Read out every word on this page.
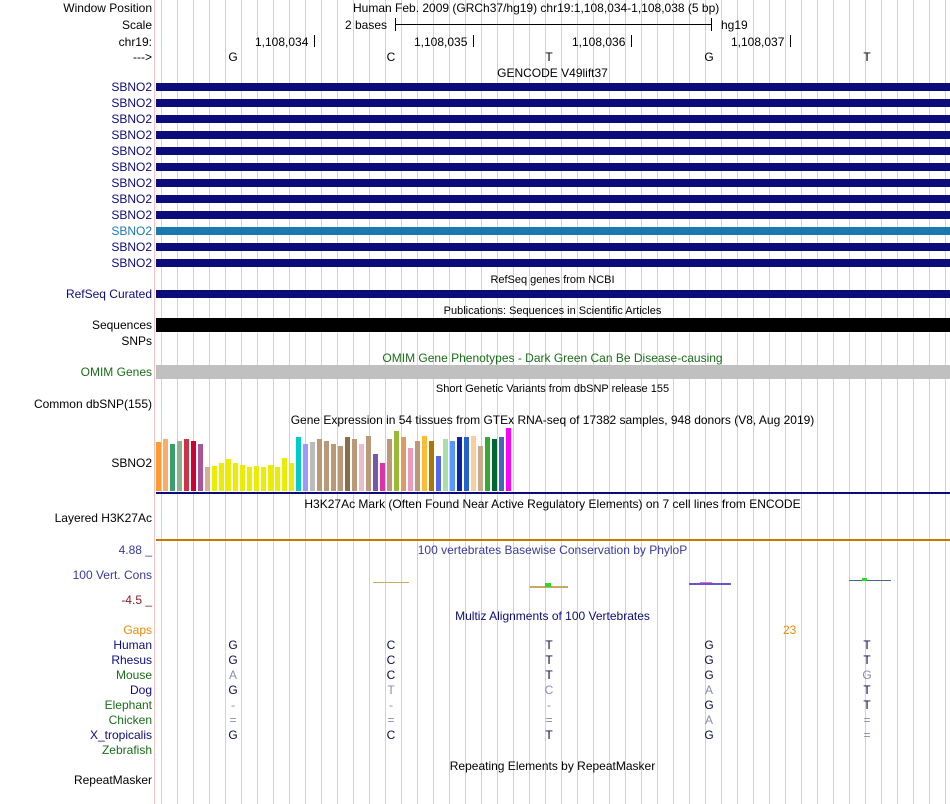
Window Position	Human Feb. 2009 (GRCh37/hg19) chr19:1,108,034-1,108,038 (5 bp)
Scale	2 bases	hg19
chr19:	1,108,034	1,108,035	1,108,036	1,108,037
--->	G	C	T	G	T
GENCODE V49lift37
SBNO2
SBNO2
SBNO2
SBNO2
SBNO2
SBNO2
SBNO2
SBNO2
SBNO2
SBNO2
SBNO2
SBNO2
RefSeq genes from NCBI
RefSeq Curated
Publications: Sequences in Scientific Articles
Sequences
SNPs
OMIM Gene Phenotypes - Dark Green Can Be Disease-causing
OMIM Genes
Short Genetic Variants from dbSNP release 155
Common dbSNP(155)
Gene Expression in 54 tissues from GTEx RNA-seq of 17382 samples, 948 donors (V8, Aug 2019)
SBNO2
H3K27Ac Mark (Often Found Near Active Regulatory Elements) on 7 cell lines from ENCODE
Layered H3K27Ac
100 vertebrates Basewise Conservation by PhyloP
4.88 _
100 Vert. Cons
-4.5 _
Multiz Alignments of 100 Vertebrates
Gaps	23
Human	G	C	T	G	T
Rhesus	G	C	T	G	T
Mouse	A	C	T	G	G
Dog	G	T	C	A	T
Elephant	-	-	-	G	T
Chicken	=	=	=	A	=
X_tropicalis	G	C	T	G	=
Zebrafish
Repeating Elements by RepeatMasker
RepeatMasker
